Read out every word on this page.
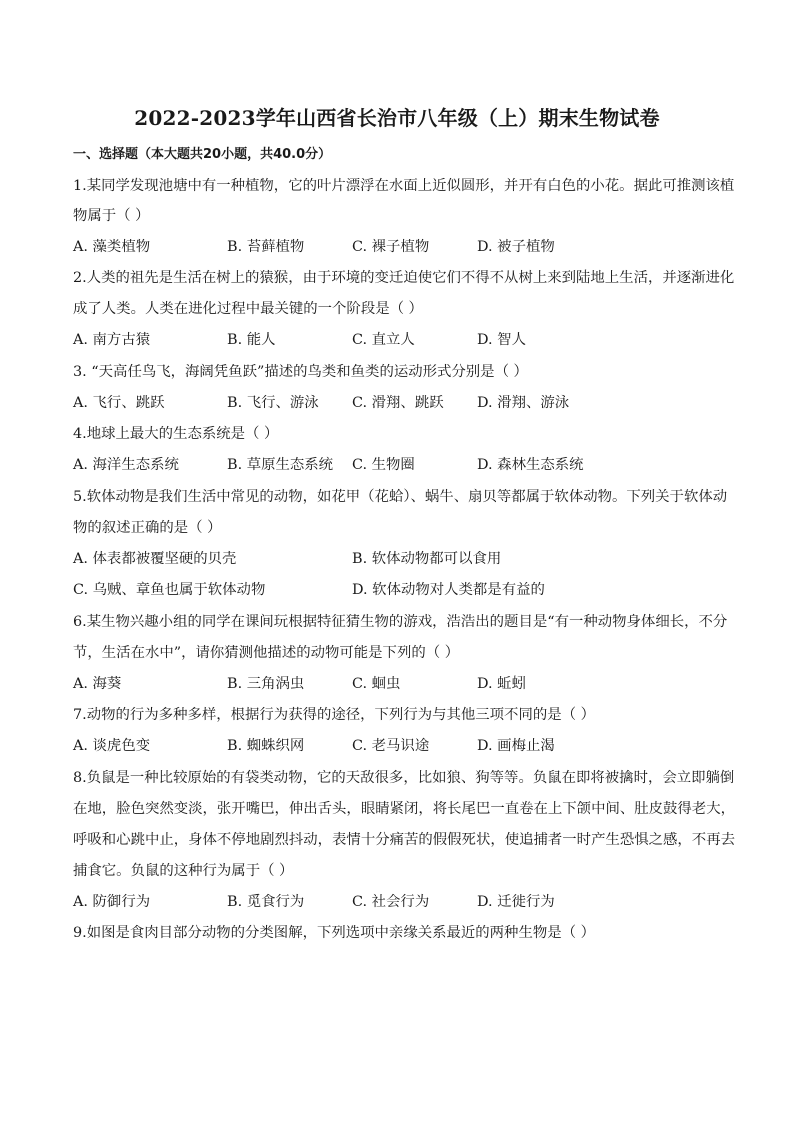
2022-2023学年山西省长治市八年级（上）期末生物试卷
一、选择题（本大题共20小题，共40.0分）
1.某同学发现池塘中有一种植物，它的叶片漂浮在水面上近似圆形，并开有白色的小花。据此可推测该植
物属于（ ）
A. 藻类植物	B. 苔藓植物	C. 裸子植物	D. 被子植物
2.人类的祖先是生活在树上的猿猴，由于环境的变迁迫使它们不得不从树上来到陆地上生活，并逐渐进化
成了人类。人类在进化过程中最关键的一个阶段是（ ）
A. 南方古猿	B. 能人	C. 直立人	D. 智人
3. “天高任鸟飞，海阔凭鱼跃”描述的鸟类和鱼类的运动形式分别是（ ）
A. 飞行、跳跃	B. 飞行、游泳 C. 滑翔、跳跃 D. 滑翔、游泳
4.地球上最大的生态系统是（ ）
A. 海洋生态系统	B. 草原生态系统 C. 生物圈	D. 森林生态系统
5.软体动物是我们生活中常见的动物，如花甲（花蛤）、蜗牛、扇贝等都属于软体动物。下列关于软体动
物的叙述正确的是（ ）
A. 体表都被覆坚硬的贝壳	B. 软体动物都可以食用
C. 乌贼、章鱼也属于软体动物	D. 软体动物对人类都是有益的
6.某生物兴趣小组的同学在课间玩根据特征猜生物的游戏，浩浩出的题目是“有一种动物身体细长，不分
节，生活在水中”，请你猜测他描述的动物可能是下列的（ ）
A. 海葵	B. 三角涡虫	C. 蛔虫	D. 蚯蚓
7.动物的行为多种多样，根据行为获得的途径，下列行为与其他三项不同的是（ ）
A. 谈虎色变	B. 蜘蛛织网	C. 老马识途	D. 画梅止渴
8.负鼠是一种比较原始的有袋类动物，它的天敌很多，比如狼、狗等等。负鼠在即将被擒时，会立即躺倒
在地，脸色突然变淡，张开嘴巴，伸出舌头，眼睛紧闭，将长尾巴一直卷在上下颌中间、肚皮鼓得老大，
呼吸和心跳中止，身体不停地剧烈抖动，表情十分痛苦的假假死状，使追捕者一时产生恐惧之感，不再去
捕食它。负鼠的这种行为属于（ ）
A. 防御行为	B. 觅食行为	C. 社会行为	D. 迁徙行为
9.如图是食肉目部分动物的分类图解，下列选项中亲缘关系最近的两种生物是（ ）
